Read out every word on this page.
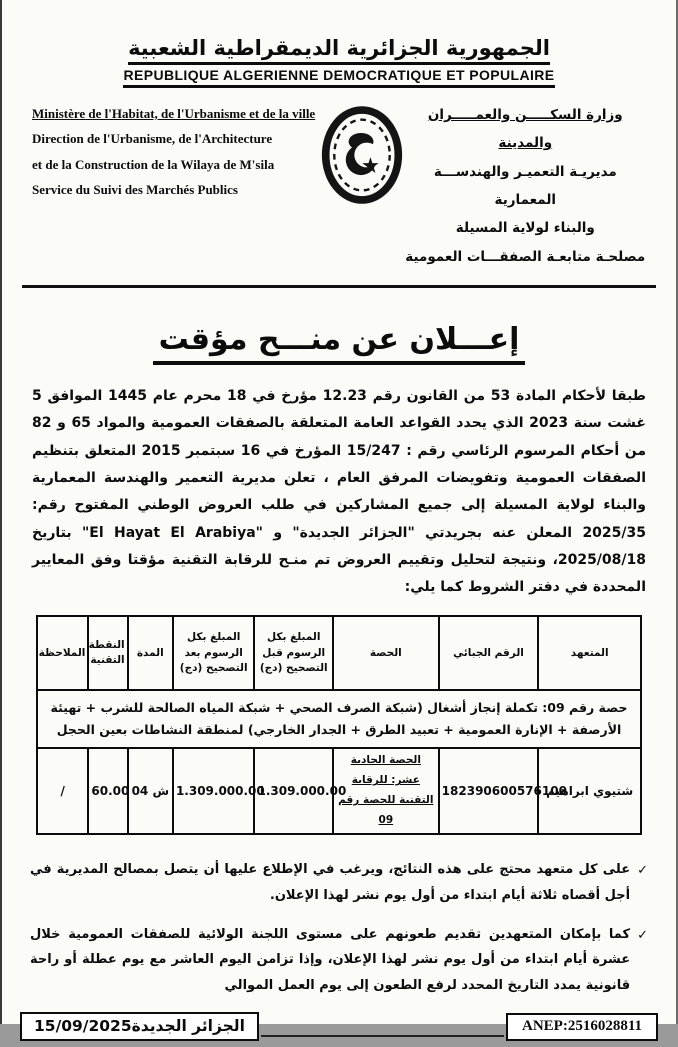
الجمهورية الجزائرية الديمقراطية الشعبية
REPUBLIQUE ALGERIENNE DEMOCRATIQUE ET POPULAIRE
Ministère de l'Habitat, de l'Urbanisme et de la ville
Direction de l'Urbanisme, de l'Architecture
et de la Construction de la Wilaya de M'sila
Service du Suivi des Marchés Publics
وزارة السكـــــن والعمـــــران والمدينة
مديريـة التعميـر والهندســـة المعمارية
والبناء لولاية المسيلة
مصلحـة متابعـة الصفقـــات العمومية
إعـــلان عن منـــح مؤقت

طبقا لأحكام المادة 53 من القانون رقم 12.23 مؤرخ في 18 محرم عام 1445 الموافق 5 غشت سنة 2023 الذي يحدد القواعد العامة المتعلقة بالصفقات العمومية والمواد 65 و 82 من أحكام المرسوم الرئاسي رقم : 15/247 المؤرخ في 16 سبتمبر 2015 المتعلق بتنظيم الصفقات العمومية وتفويضات المرفق العام ، تعلن مديرية التعمير والهندسة المعمارية والبناء لولاية المسيلة إلى جميع المشاركين في طلب العروض الوطني المفتوح رقم: 2025/35 المعلن عنه بجريدتي "الجزائر الجديدة" و "El Hayat El Arabiya" بتاريخ 2025/08/18، ونتيجة لتحليل وتقييم العروض تم منـح للرقابة التقنية مؤقتا وفق المعايير المحددة في دفتر الشروط كما يلي:

المتعهد	الرقم الجبائي	الحصة	المبلغ بكل الرسوم قبل التصحيح (دج)	المبلغ بكل الرسوم بعد التصحيح (دج)	المدة	النقطة التقنية	الملاحظة
حصة رقم 09: تكملة إنجاز أشغال (شبكة الصرف الصحي + شبكة المياه الصالحة للشرب + تهيئة الأرصفة + الإنارة العمومية + تعبيد الطرق + الجدار الخارجي) لمنطقة النشاطات بعين الحجل							
شتيوي ابراهيم	182390600576100	الحصة الحادية عشر: للرقابة التقنية للحصة رقم 09	1.309.000.00	1.309.000.00	04 ش	60.00	/
✓
على كل متعهد محتج على هذه النتائج، ويرغب في الإطلاع عليها أن يتصل بمصالح المديرية في أجل أقصاه ثلاثة أيام ابتداء من أول يوم نشر لهذا الإعلان.
✓
كما بإمكان المتعهدين تقديم طعونهم على مستوى اللجنة الولائية للصفقات العمومية خلال عشرة أيام ابتداء من أول يوم نشر لهذا الإعلان، وإذا تزامن اليوم العاشر مع يوم عطلة أو راحة قانونية يمدد التاريخ المحدد لرفع الطعون إلى يوم العمل الموالي
الجزائر الجديدة15/09/2025	ANEP:2516028811
